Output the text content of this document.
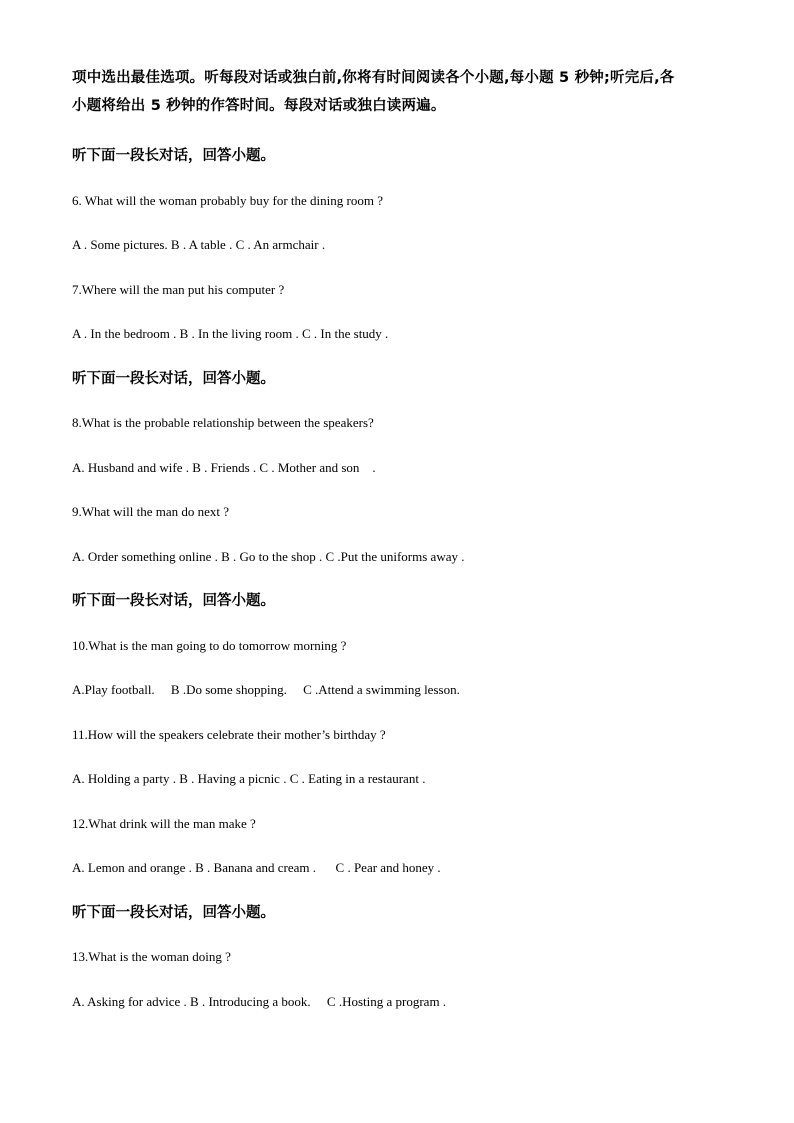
项中选出最佳选项。听每段对话或独白前,你将有时间阅读各个小题,每小题 5 秒钟;听完后,各

小题将给出 5 秒钟的作答时间。每段对话或独白读两遍。

听下面一段长对话，回答小题。

6. What will the woman probably buy for the dining room ?

A . Some pictures. B . A table . C . An armchair .

7.Where will the man put his computer ?

A . In the bedroom . B . In the living room . C . In the study .

听下面一段长对话，回答小题。

8.What is the probable relationship between the speakers?

A. Husband and wife . B . Friends . C . Mother and son    .

9.What will the man do next ?

A. Order something online . B . Go to the shop . C .Put the uniforms away .

听下面一段长对话，回答小题。

10.What is the man going to do tomorrow morning ?

A.Play football.     B .Do some shopping.     C .Attend a swimming lesson.

11.How will the speakers celebrate their mother’s birthday ?

A. Holding a party . B . Having a picnic . C . Eating in a restaurant .

12.What drink will the man make ?

A. Lemon and orange . B . Banana and cream .      C . Pear and honey .

听下面一段长对话，回答小题。

13.What is the woman doing ?

A. Asking for advice . B . Introducing a book.     C .Hosting a program .
